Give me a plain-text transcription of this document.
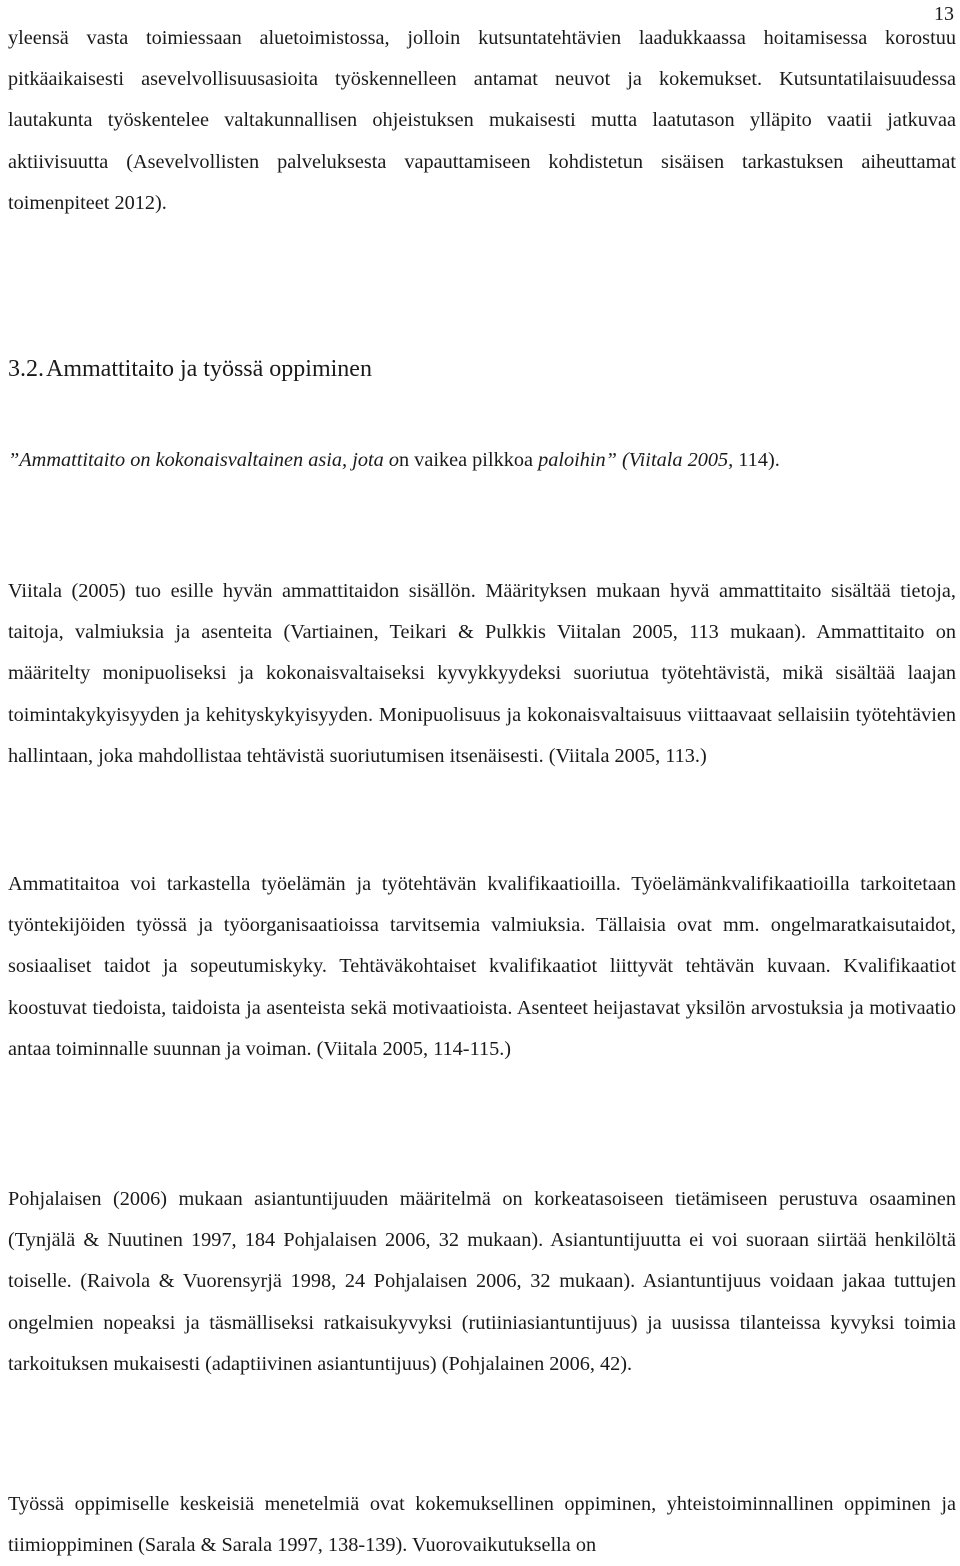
13

yleensä vasta toimiessaan aluetoimistossa, jolloin kutsuntatehtävien laadukkaassa hoitamisessa korostuu pitkäaikaisesti asevelvollisuusasioita työskennelleen antamat neuvot ja kokemukset. Kutsuntatilaisuudessa lautakunta työskentelee valtakunnallisen ohjeistuksen mukaisesti mutta laatutason ylläpito vaatii jatkuvaa aktiivisuutta (Asevelvollisten palveluksesta vapauttamiseen kohdistetun sisäisen tarkastuksen aiheuttamat toimenpiteet 2012).

3.2.Ammattitaito ja työssä oppiminen

”Ammattitaito on kokonaisvaltainen asia, jota on vaikea pilkkoa paloihin” (Viitala 2005, 114).

Viitala (2005) tuo esille hyvän ammattitaidon sisällön. Määrityksen mukaan hyvä ammattitaito sisältää tietoja, taitoja, valmiuksia ja asenteita (Vartiainen, Teikari & Pulkkis Viitalan 2005, 113 mukaan). Ammattitaito on määritelty monipuoliseksi ja kokonaisvaltaiseksi kyvykkyydeksi suoriutua työtehtävistä, mikä sisältää laajan toimintakykyisyyden ja kehityskykyisyyden. Monipuolisuus ja kokonaisvaltaisuus viittaavaat sellaisiin työtehtävien hallintaan, joka mahdollistaa tehtävistä suoriutumisen itsenäisesti. (Viitala 2005, 113.)

Ammatitaitoa voi tarkastella työelämän ja työtehtävän kvalifikaatioilla. Työelämänkvalifikaatioilla tarkoitetaan työntekijöiden työssä ja työorganisaatioissa tarvitsemia valmiuksia. Tällaisia ovat mm. ongelmaratkaisutaidot, sosiaaliset taidot ja sopeutumiskyky. Tehtäväkohtaiset kvalifikaatiot liittyvät tehtävän kuvaan. Kvalifikaatiot koostuvat tiedoista, taidoista ja asenteista sekä motivaatioista. Asenteet heijastavat yksilön arvostuksia ja motivaatio antaa toiminnalle suunnan ja voiman. (Viitala 2005, 114-115.)

Pohjalaisen (2006) mukaan asiantuntijuuden määritelmä on korkeatasoiseen tietämiseen perustuva osaaminen (Tynjälä & Nuutinen 1997, 184 Pohjalaisen 2006, 32 mukaan). Asiantuntijuutta ei voi suoraan siirtää henkilöltä toiselle. (Raivola & Vuorensyrjä 1998, 24 Pohjalaisen 2006, 32 mukaan). Asiantuntijuus voidaan jakaa tuttujen ongelmien nopeaksi ja täsmälliseksi ratkaisukyvyksi (rutiiniasiantuntijuus) ja uusissa tilanteissa kyvyksi toimia tarkoituksen mukaisesti (adaptiivinen asiantuntijuus) (Pohjalainen 2006, 42).

Työssä oppimiselle keskeisiä menetelmiä ovat kokemuksellinen oppiminen, yhteistoiminnallinen oppiminen ja tiimioppiminen (Sarala & Sarala 1997, 138-139). Vuorovaikutuksella on
